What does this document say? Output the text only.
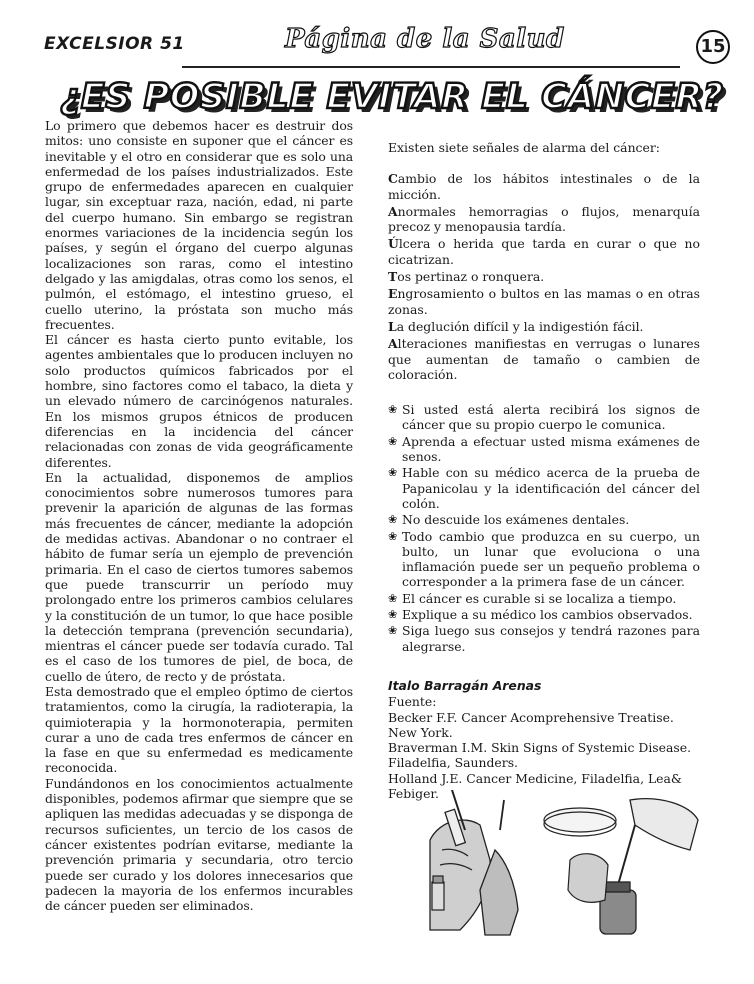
EXCELSIOR 51	Página de la Salud	15
¿ES POSIBLE EVITAR EL CÁNCER?

Lo primero que debemos hacer es destruir dos mitos: uno consiste en suponer que el cáncer es inevitable y el otro en considerar que es solo una enfermedad de los países industrializados. Este grupo de enfermedades aparecen en cualquier lugar, sin exceptuar raza, nación, edad, ni parte del cuerpo humano. Sin embargo se registran enormes variaciones de la incidencia según los países, y según el órgano del cuerpo algunas localizaciones son raras, como el intestino delgado y las amigdalas, otras como los senos, el pulmón, el estómago, el intestino grueso, el cuello uterino, la próstata son mucho más frecuentes.

El cáncer es hasta cierto punto evitable, los agentes ambientales que lo producen incluyen no solo productos químicos fabricados por el hombre, sino factores como el tabaco, la dieta y un elevado número de carcinógenos naturales. En los mismos grupos étnicos de producen diferencias en la incidencia del cáncer relacionadas con zonas de vida geográficamente diferentes.

En la actualidad, disponemos de amplios conocimientos sobre numerosos tumores para prevenir la aparición de algunas de las formas más frecuentes de cáncer, mediante la adopción de medidas activas. Abandonar o no contraer el hábito de fumar sería un ejemplo de prevención primaria. En el caso de ciertos tumores sabemos que puede transcurrir un período muy prolongado entre los primeros cambios celulares y la constitución de un tumor, lo que hace posible la detección temprana (prevención secundaria), mientras el cáncer puede ser todavía curado. Tal es el caso de los tumores de piel, de boca, de cuello de útero, de recto y de próstata.

Esta demostrado que el empleo óptimo de ciertos tratamientos, como la cirugía, la radioterapia, la quimioterapia y la hormonoterapia, permiten curar a uno de cada tres enfermos de cáncer en la fase en que su enfermedad es medicamente reconocida.

Fundándonos en los conocimientos actualmente disponibles, podemos afirmar que siempre que se apliquen las medidas adecuadas y se disponga de recursos suficientes, un tercio de los casos de cáncer existentes podrían evitarse, mediante la prevención primaria y secundaria, otro tercio puede ser curado y los dolores innecesarios que padecen la mayoria de los enfermos incurables de cáncer pueden ser eliminados.

Existen siete señales de alarma del cáncer:

Cambio de los hábitos intestinales o de la micción.
Anormales hemorragias o flujos, menarquía precoz y menopausia tardía.
Úlcera o herida que tarda en curar o que no cicatrizan.
Tos pertinaz o ronquera.
Engrosamiento o bultos en las mamas o en otras zonas.
La deglución difícil y la indigestión fácil.
Alteraciones manifiestas en verrugas o lunares que aumentan de tamaño o cambien de coloración.
❀ Si usted está alerta recibirá los signos de cáncer que su propio cuerpo le comunica.
❀ Aprenda a efectuar usted misma exámenes de senos.
❀ Hable con su médico acerca de la prueba de Papanicolau y la identificación del cáncer del colón.
❀ No descuide los exámenes dentales.
❀ Todo cambio que produzca en su cuerpo, un bulto, un lunar que evoluciona o una inflamación puede ser un pequeño problema o corresponder a la primera fase de un cáncer.
❀ El cáncer es curable si se localiza a tiempo.
❀ Explique a su médico los cambios observados.
❀ Siga luego sus consejos y tendrá razones para alegrarse.
Italo Barragán Arenas

Fuente:

Becker F.F. Cancer Acomprehensive Treatise. New York.

Braverman I.M. Skin Signs of Systemic Disease. Filadelfia, Saunders.

Holland J.E. Cancer Medicine, Filadelfia, Lea& Febiger.
